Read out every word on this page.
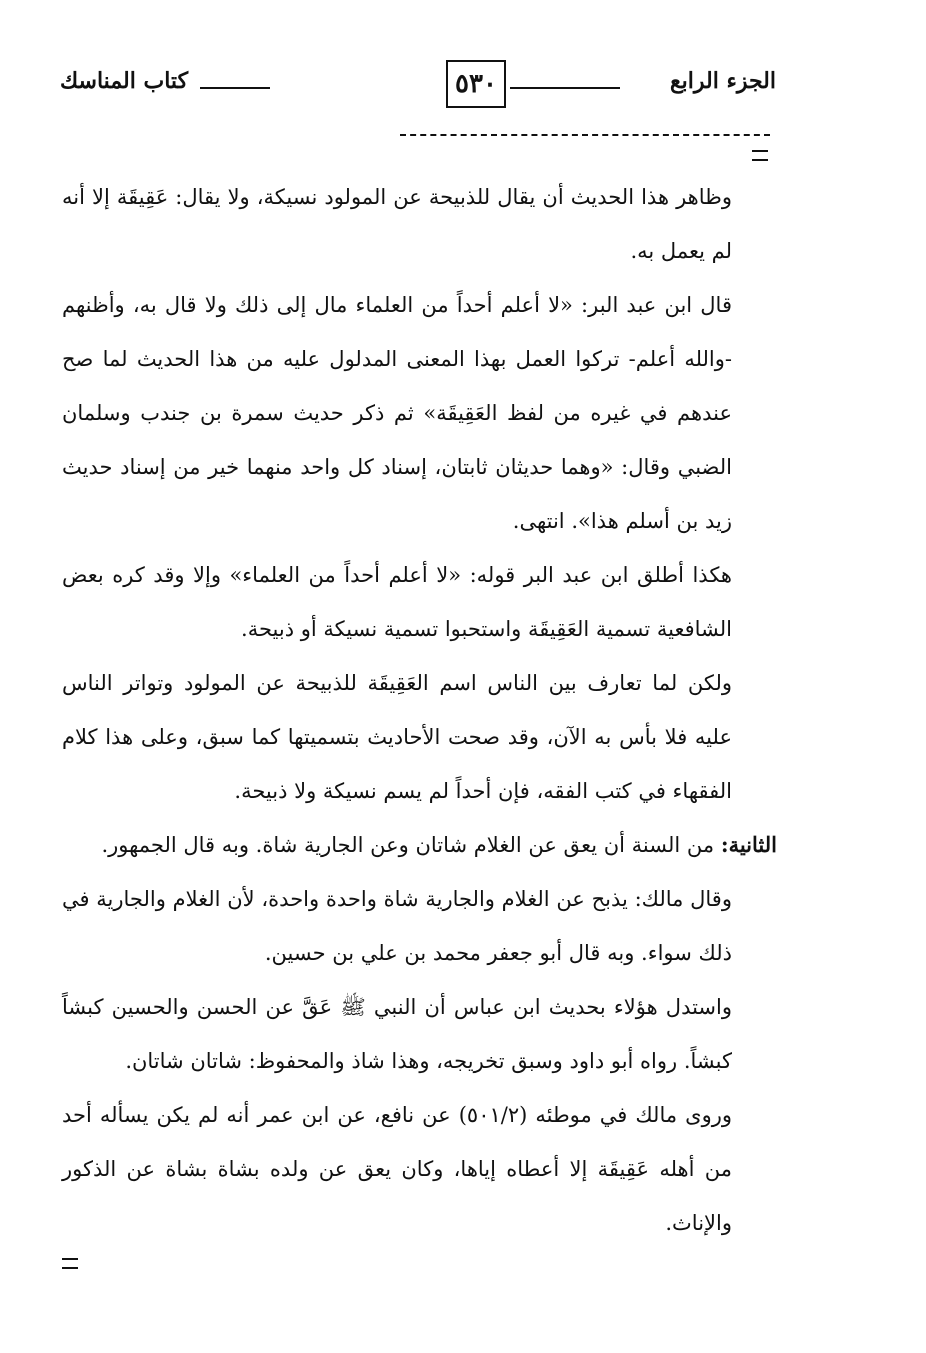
الجزء الرابع
٥٣٠
كتاب المناسك

وظاهر هذا الحديث أن يقال للذبيحة عن المولود نسيكة، ولا يقال: عَقِيقَة إلا أنه لم يعمل به.

قال ابن عبد البر: «لا أعلم أحداً من العلماء مال إلى ذلك ولا قال به، وأظنهم -والله أعلم- تركوا العمل بهذا المعنى المدلول عليه من هذا الحديث لما صح عندهم في غيره من لفظ العَقِيقَة» ثم ذكر حديث سمرة بن جندب وسلمان الضبي وقال: «وهما حديثان ثابتان، إسناد كل واحد منهما خير من إسناد حديث زيد بن أسلم هذا». انتهى.

هكذا أطلق ابن عبد البر قوله: «لا أعلم أحداً من العلماء» وإلا وقد كره بعض الشافعية تسمية العَقِيقَة واستحبوا تسمية نسيكة أو ذبيحة.

ولكن لما تعارف بين الناس اسم العَقِيقَة للذبيحة عن المولود وتواتر الناس عليه فلا بأس به الآن، وقد صحت الأحاديث بتسميتها كما سبق، وعلى هذا كلام الفقهاء في كتب الفقه، فإن أحداً لم يسم نسيكة ولا ذبيحة.

الثانية: من السنة أن يعق عن الغلام شاتان وعن الجارية شاة. وبه قال الجمهور.

وقال مالك: يذبح عن الغلام والجارية شاة واحدة واحدة، لأن الغلام والجارية في ذلك سواء. وبه قال أبو جعفر محمد بن علي بن حسين.

واستدل هؤلاء بحديث ابن عباس أن النبي ﷺ عَقَّ عن الحسن والحسين كبشاً كبشاً. رواه أبو داود وسبق تخريجه، وهذا شاذ والمحفوظ: شاتان شاتان.

وروى مالك في موطئه (٥٠١/٢) عن نافع، عن ابن عمر أنه لم يكن يسأله أحد من أهله عَقِيقَة إلا أعطاه إياها، وكان يعق عن ولده بشاة بشاة عن الذكور والإناث.
